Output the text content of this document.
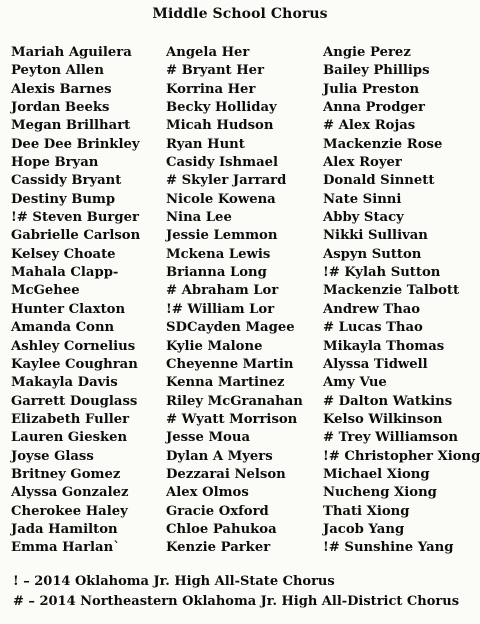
Middle School Chorus
Mariah Aguilera
Peyton Allen
Alexis Barnes
Jordan Beeks
Megan Brillhart
Dee Dee Brinkley
Hope Bryan
Cassidy Bryant
Destiny Bump
!# Steven Burger
Gabrielle Carlson
Kelsey Choate
Mahala Clapp-
McGehee
Hunter Claxton
Amanda Conn
Ashley Cornelius
Kaylee Coughran
Makayla Davis
Garrett Douglass
Elizabeth Fuller
Lauren Giesken
Joyse Glass
Britney Gomez
Alyssa Gonzalez
Cherokee Haley
Jada Hamilton
Emma Harlan`
Angela Her
# Bryant Her
Korrina Her
Becky Holliday
Micah Hudson
Ryan Hunt
Casidy Ishmael
# Skyler Jarrard
Nicole Kowena
Nina Lee
Jessie Lemmon
Mckena Lewis
Brianna Long
# Abraham Lor
!# William Lor
SDCayden Magee
Kylie Malone
Cheyenne Martin
Kenna Martinez
Riley McGranahan
# Wyatt Morrison
Jesse Moua
Dylan A Myers
Dezzarai Nelson
Alex Olmos
Gracie Oxford
Chloe Pahukoa
Kenzie Parker
Angie Perez
Bailey Phillips
Julia Preston
Anna Prodger
# Alex Rojas
Mackenzie Rose
Alex Royer
Donald Sinnett
Nate Sinni
Abby Stacy
Nikki Sullivan
Aspyn Sutton
!# Kylah Sutton
Mackenzie Talbott
Andrew Thao
# Lucas Thao
Mikayla Thomas
Alyssa Tidwell
Amy Vue
# Dalton Watkins
Kelso Wilkinson
# Trey Williamson
!# Christopher Xiong
Michael Xiong
Nucheng Xiong
Thati Xiong
Jacob Yang
!# Sunshine Yang
! – 2014 Oklahoma Jr. High All-State Chorus
# – 2014 Northeastern Oklahoma Jr. High All-District Chorus
